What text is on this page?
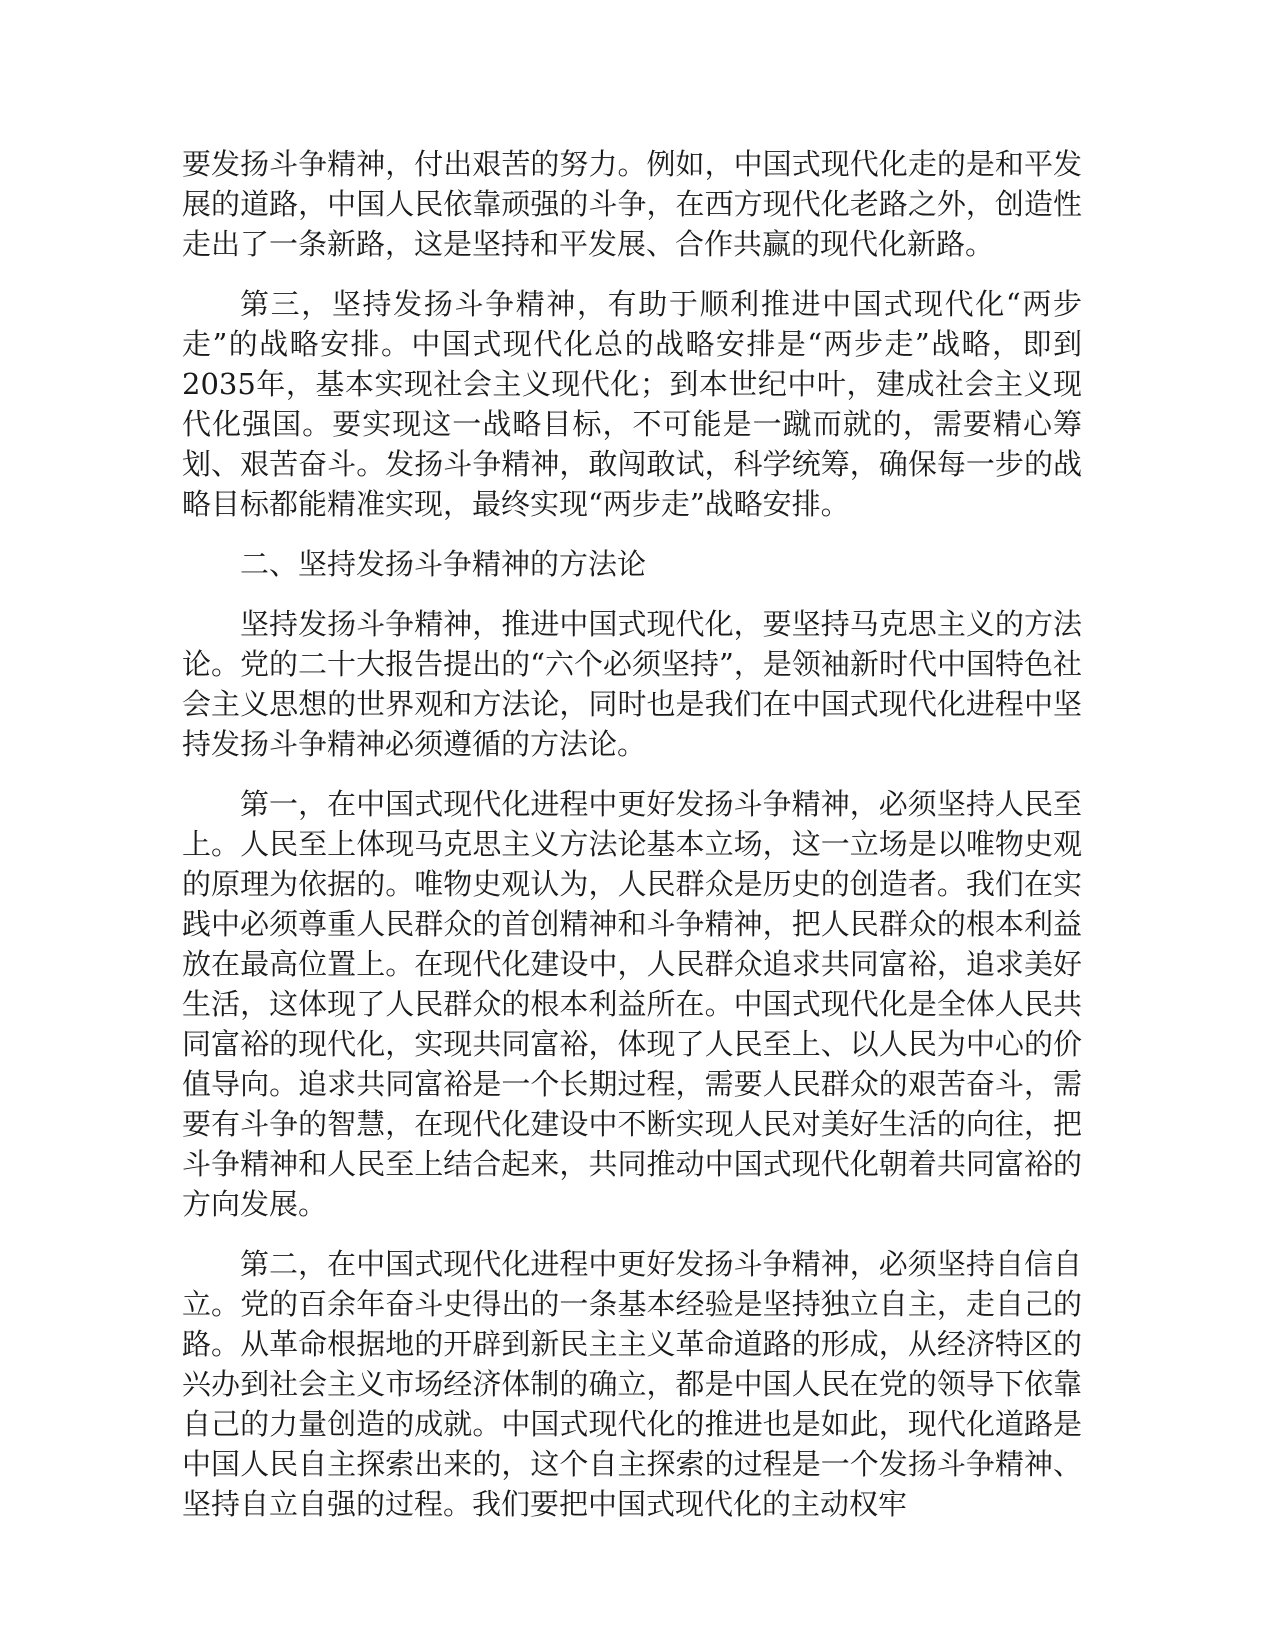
要发扬斗争精神，付出艰苦的努力。例如，中国式现代化走的是和平发展的道路，中国人民依靠顽强的斗争，在西方现代化老路之外，创造性走出了一条新路，这是坚持和平发展、合作共赢的现代化新路。

第三，坚持发扬斗争精神，有助于顺利推进中国式现代化“两步走”的战略安排。中国式现代化总的战略安排是“两步走”战略，即到2035年，基本实现社会主义现代化；到本世纪中叶，建成社会主义现代化强国。要实现这一战略目标，不可能是一蹴而就的，需要精心筹划、艰苦奋斗。发扬斗争精神，敢闯敢试，科学统筹，确保每一步的战略目标都能精准实现，最终实现“两步走”战略安排。

二、坚持发扬斗争精神的方法论

坚持发扬斗争精神，推进中国式现代化，要坚持马克思主义的方法论。党的二十大报告提出的“六个必须坚持”，是领袖新时代中国特色社会主义思想的世界观和方法论，同时也是我们在中国式现代化进程中坚持发扬斗争精神必须遵循的方法论。

第一，在中国式现代化进程中更好发扬斗争精神，必须坚持人民至上。人民至上体现马克思主义方法论基本立场，这一立场是以唯物史观的原理为依据的。唯物史观认为，人民群众是历史的创造者。我们在实践中必须尊重人民群众的首创精神和斗争精神，把人民群众的根本利益放在最高位置上。在现代化建设中，人民群众追求共同富裕，追求美好生活，这体现了人民群众的根本利益所在。中国式现代化是全体人民共同富裕的现代化，实现共同富裕，体现了人民至上、以人民为中心的价值导向。追求共同富裕是一个长期过程，需要人民群众的艰苦奋斗，需要有斗争的智慧，在现代化建设中不断实现人民对美好生活的向往，把斗争精神和人民至上结合起来，共同推动中国式现代化朝着共同富裕的方向发展。

第二，在中国式现代化进程中更好发扬斗争精神，必须坚持自信自立。党的百余年奋斗史得出的一条基本经验是坚持独立自主，走自己的路。从革命根据地的开辟到新民主主义革命道路的形成，从经济特区的兴办到社会主义市场经济体制的确立，都是中国人民在党的领导下依靠自己的力量创造的成就。中国式现代化的推进也是如此，现代化道路是中国人民自主探索出来的，这个自主探索的过程是一个发扬斗争精神、坚持自立自强的过程。我们要把中国式现代化的主动权牢
